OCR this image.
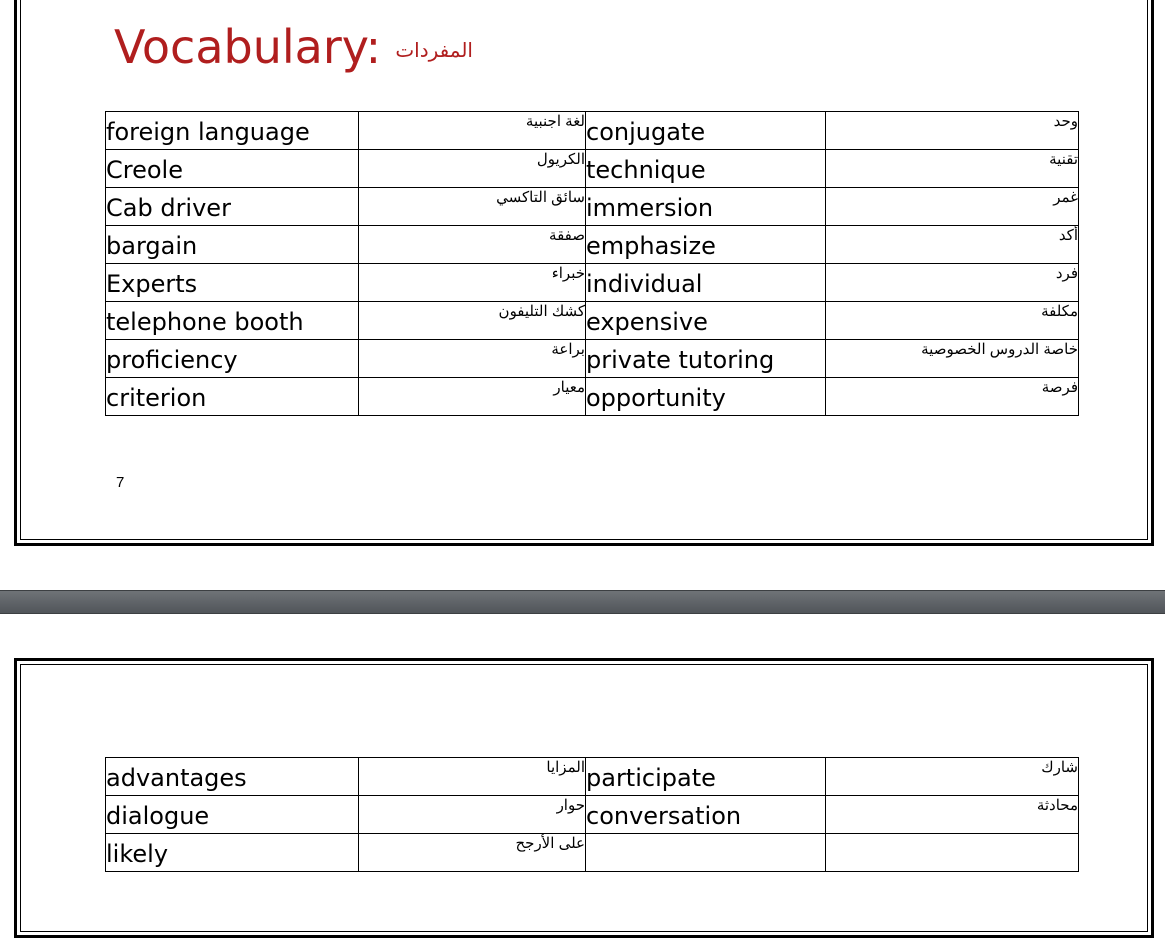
Vocabulary: المفردات
foreign language	لغة اجنبية	conjugate	وحد
Creole	الكريول	technique	تقنية
Cab driver	سائق التاكسي	immersion	غمر
bargain	صفقة	emphasize	أكد
Experts	خبراء	individual	فرد
telephone booth	كشك التليفون	expensive	مكلفة
proficiency	براعة	private tutoring	خاصة الدروس الخصوصية
criterion	معيار	opportunity	فرصة
7
advantages	المزايا	participate	شارك
dialogue	حوار	conversation	محادثة
likely	على الأرجح		
